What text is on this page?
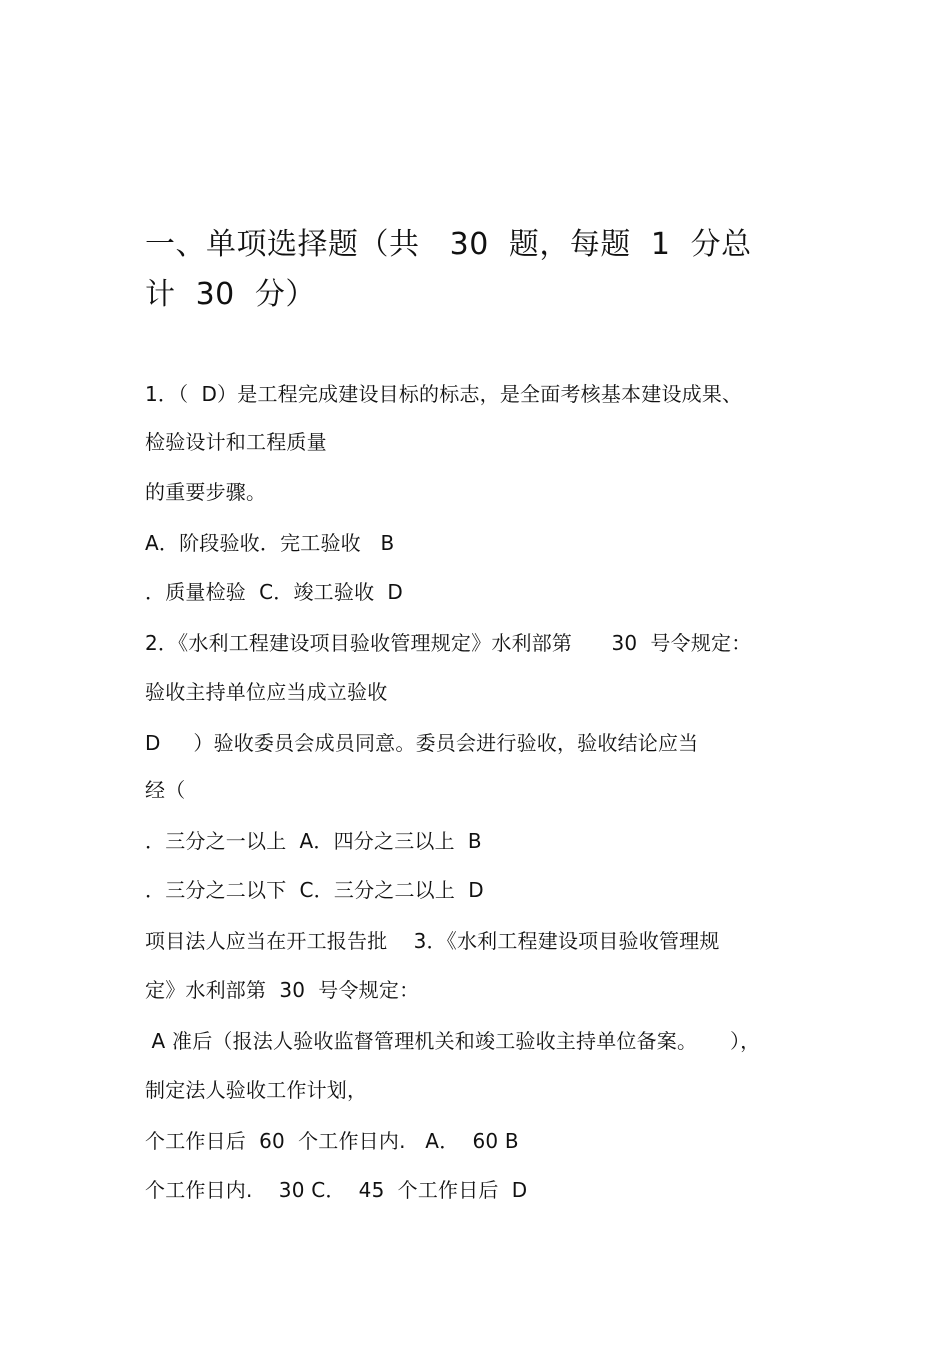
一、单项选择题（共   30  题，每题  1  分总
计  30  分）
1．（  D）是工程完成建设目标的标志，是全面考核基本建设成果、
检验设计和工程质量
的重要步骤。
A．阶段验收．完工验收   B
．质量检验  C．竣工验收  D
2．《水利工程建设项目验收管理规定》水利部第      30  号令规定：
验收主持单位应当成立验收
D     ）验收委员会成员同意。委员会进行验收，验收结论应当
经（
．三分之一以上  A．四分之三以上  B
．三分之二以下  C．三分之二以上  D
项目法人应当在开工报告批    3．《水利工程建设项目验收管理规
定》水利部第  30  号令规定：
A 准后（报法人验收监督管理机关和竣工验收主持单位备案。     ），
制定法人验收工作计划，
个工作日后  60  个工作日内.   A．  60 B
个工作日内.    30 C．  45  个工作日后  D
